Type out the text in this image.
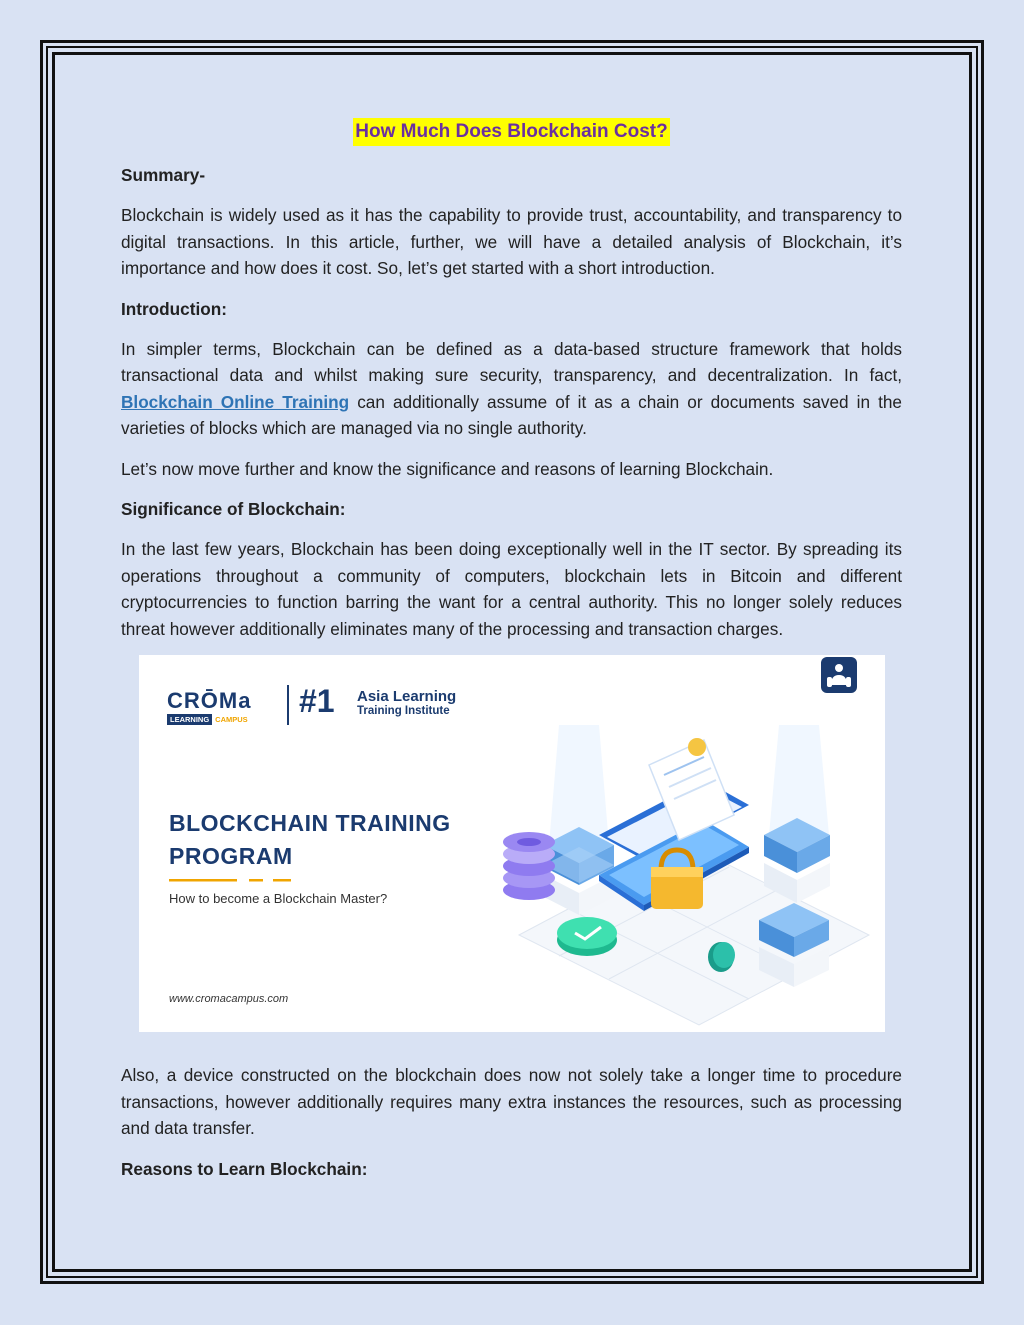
How Much Does Blockchain Cost?
Summary-

Blockchain is widely used as it has the capability to provide trust, accountability, and transparency to digital transactions. In this article, further, we will have a detailed analysis of Blockchain, it’s importance and how does it cost. So, let’s get started with a short introduction.

Introduction:

In simpler terms, Blockchain can be defined as a data-based structure framework that holds transactional data and whilst making sure security, transparency, and decentralization. In fact, Blockchain Online Training can additionally assume of it as a chain or documents saved in the varieties of blocks which are managed via no single authority.

Let’s now move further and know the significance and reasons of learning Blockchain.

Significance of Blockchain:

In the last few years, Blockchain has been doing exceptionally well in the IT sector. By spreading its operations throughout a community of computers, blockchain lets in Bitcoin and different cryptocurrencies to function barring the want for a central authority. This no longer solely reduces threat however additionally eliminates many of the processing and transaction charges.

Also, a device constructed on the blockchain does now not solely take a longer time to procedure transactions, however additionally requires many extra instances the resources, such as processing and data transfer.

Reasons to Learn Blockchain:
CRŌMa
LEARNING CAMPUS
#1 Asia Learning
Training Institute
BLOCKCHAIN TRAINING
PROGRAM
How to become a Blockchain Master?
www.cromacampus.com
